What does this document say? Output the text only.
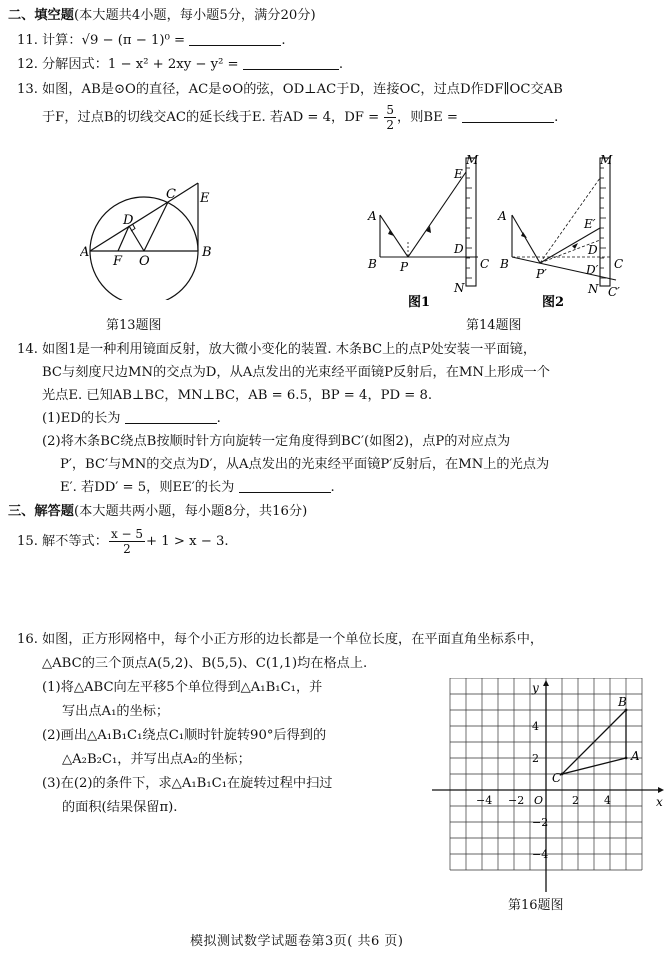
二、填空题(本大题共4小题，每小题5分，满分20分)
11. 计算：√9 − (π − 1)⁰ =	.
12. 分解因式：1 − x² + 2xy − y² =	.
13. 如图，AB是⊙O的直径，AC是⊙O的弦，OD⊥AC于D，连接OC，过点D作DF∥OC交AB
于F，过点B的切线交AC的延长线于E. 若AD = 4，DF = $\frac{5}{2}$ ，则BE =	.
A	B
C
D
E
F O
第13题图
M
E
A
D
B P	C
N
图1
M
A
E′
D
D′
B
P′
C
N C′
图2
第14题图
14. 如图1是一种利用镜面反射，放大微小变化的装置. 木条BC上的点P处安装一平面镜，
BC与刻度尺边MN的交点为D，从A点发出的光束经平面镜P反射后，在MN上形成一个
光点E. 已知AB⊥BC，MN⊥BC，AB = 6.5，BP = 4，PD = 8.
(1)ED的长为	.
(2)将木条BC绕点B按顺时针方向旋转一定角度得到BC′(如图2)，点P的对应点为
P′，BC′与MN的交点为D′，从A点发出的光束经平面镜P′反射后，在MN上的光点为
E′. 若DD′ = 5，则EE′的长为	.
三、解答题(本大题共两小题，每小题8分，共16分)
15. 解不等式： $\frac{x - 5}{2} + 1 > x - 3$.
16. 如图，正方形网格中，每个小正方形的边长都是一个单位长度，在平面直角坐标系中，
△ABC的三个顶点A(5,2)、B(5,5)、C(1,1)均在格点上.
(1)将△ABC向左平移5个单位得到△A₁B₁C₁，并
写出点A₁的坐标；
(2)画出△A₁B₁C₁绕点C₁顺时针旋转90°后得到的
△A₂B₂C₁，并写出点A₂的坐标；
(3)在(2)的条件下，求△A₁B₁C₁在旋转过程中扫过
的面积(结果保留π).	x
y
O
−4 −2	2 4
4
2
−2
−4
A
B
C
第16题图
模拟测试数学试题卷第3页( 共6 页)
